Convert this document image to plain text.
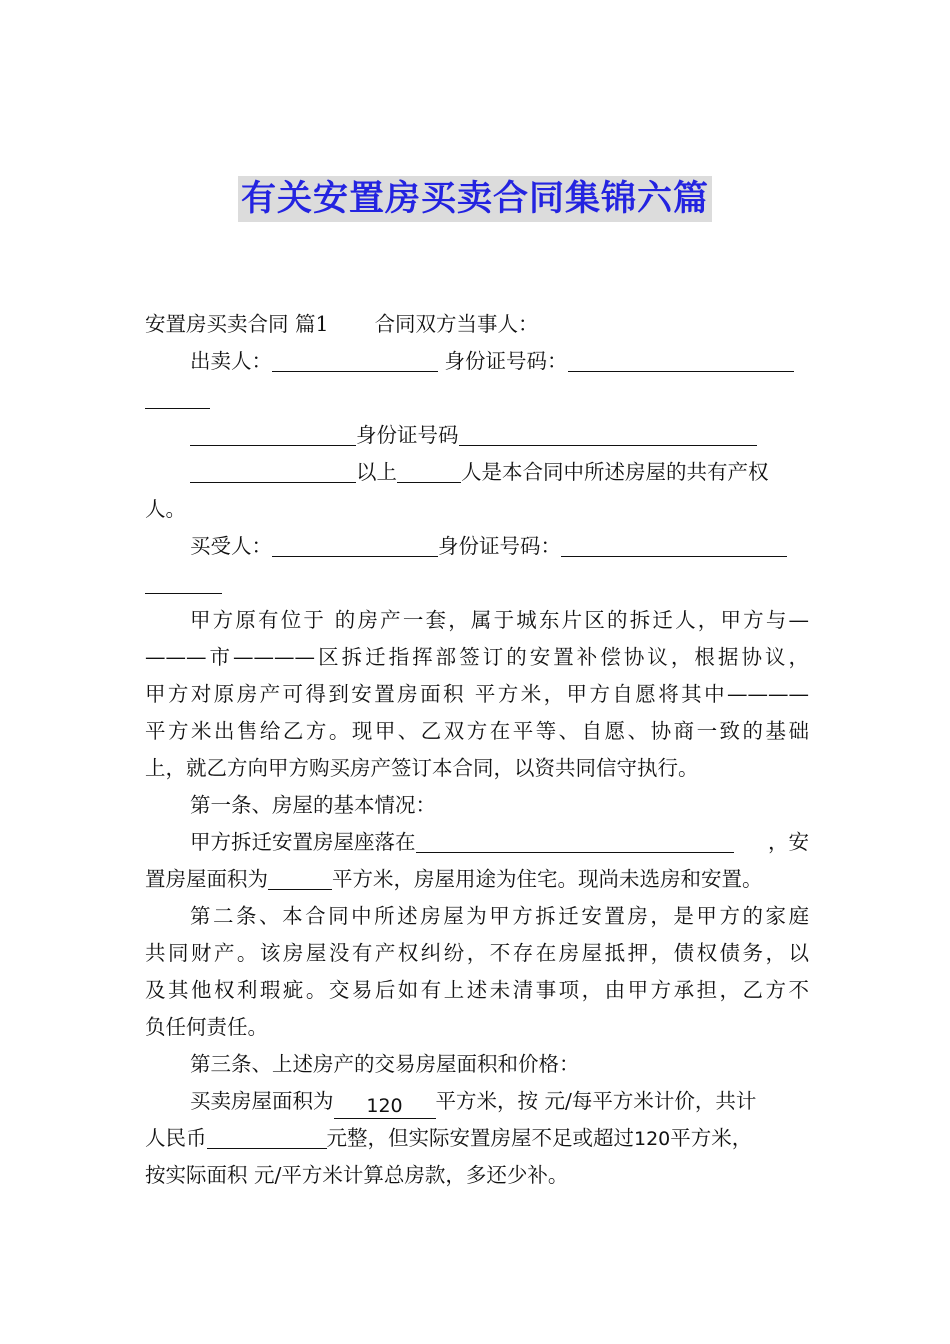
有关安置房买卖合同集锦六篇
安置房买卖合同 篇1 合同双方当事人：
出卖人：	身份证号码：
身份证号码
以上	人是本合同中所述房屋的共有产权
人。
买受人：	身份证号码：
甲方原有位于 的房产一套，属于城东片区的拆迁人，甲方与—
———市————区拆迁指挥部签订的安置补偿协议，根据协议，
甲方对原房产可得到安置房面积 平方米，甲方自愿将其中————
平方米出售给乙方。现甲、乙双方在平等、自愿、协商一致的基础
上，就乙方向甲方购买房产签订本合同，以资共同信守执行。
第一条、房屋的基本情况：
甲方拆迁安置房屋座落在	，安
置房屋面积为	平方米，房屋用途为住宅。现尚未选房和安置。
第二条、本合同中所述房屋为甲方拆迁安置房，是甲方的家庭
共同财产。该房屋没有产权纠纷，不存在房屋抵押，债权债务，以
及其他权利瑕疵。交易后如有上述未清事项，由甲方承担，乙方不
负任何责任。
第三条、上述房产的交易房屋面积和价格：
买卖房屋面积为 120 平方米，按 元/每平方米计价，共计
人民币	元整，但实际安置房屋不足或超过120平方米，
按实际面积 元/平方米计算总房款，多还少补。
